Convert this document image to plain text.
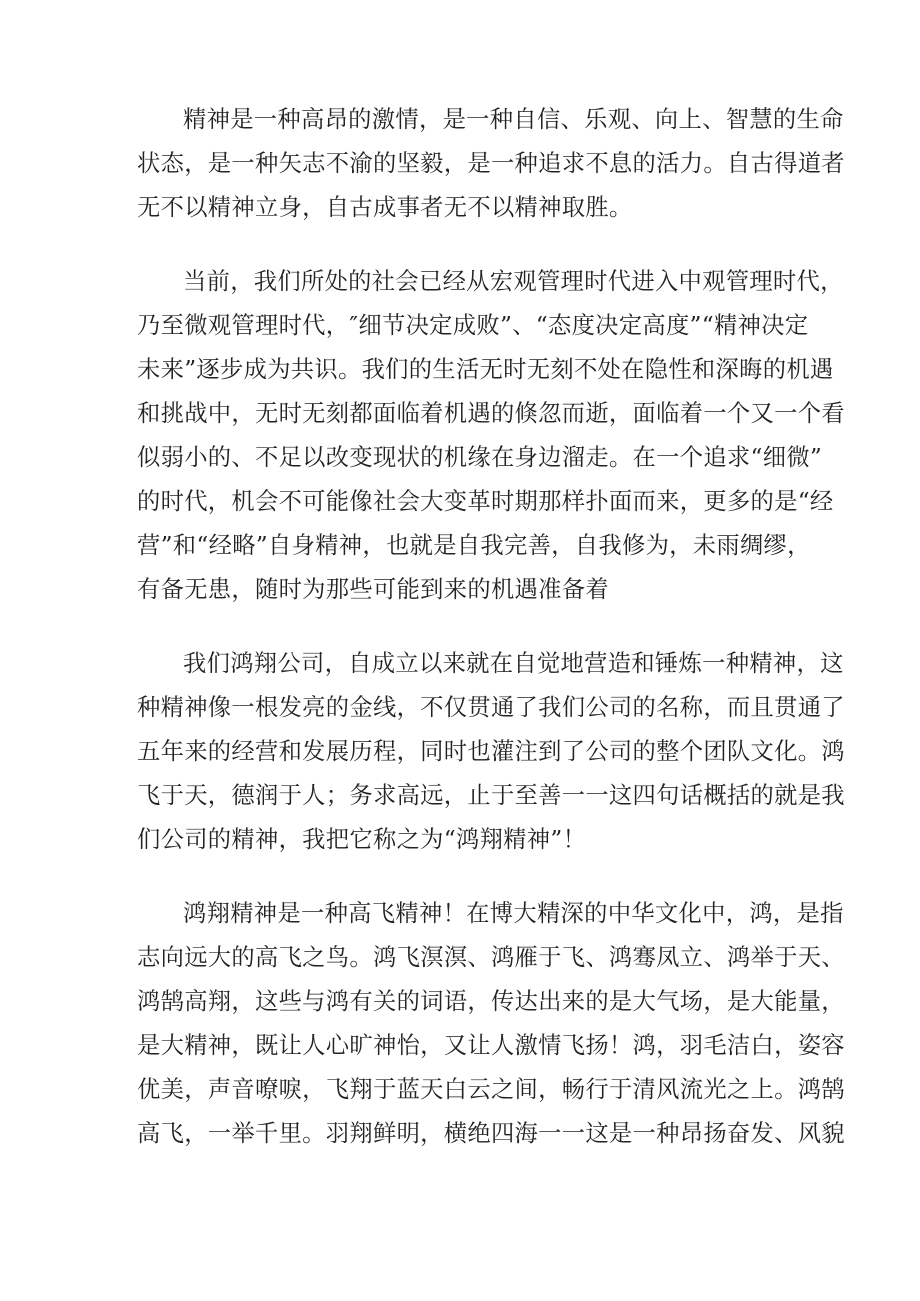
精神是一种高昂的激情，是一种自信、乐观、向上、智慧的生命
状态，是一种矢志不渝的坚毅，是一种追求不息的活力。自古得道者
无不以精神立身，自古成事者无不以精神取胜。

当前，我们所处的社会已经从宏观管理时代进入中观管理时代，
乃至微观管理时代，″细节决定成败”、“态度决定高度”“精神决定
未来”逐步成为共识。我们的生活无时无刻不处在隐性和深晦的机遇
和挑战中，无时无刻都面临着机遇的倏忽而逝，面临着一个又一个看
似弱小的、不足以改变现状的机缘在身边溜走。在一个追求“细微”
的时代，机会不可能像社会大变革时期那样扑面而来，更多的是“经
营”和“经略”自身精神，也就是自我完善，自我修为，未雨绸缪，
有备无患，随时为那些可能到来的机遇准备着

我们鸿翔公司，自成立以来就在自觉地营造和锤炼一种精神，这
种精神像一根发亮的金线，不仅贯通了我们公司的名称，而且贯通了
五年来的经营和发展历程，同时也灌注到了公司的整个团队文化。鸿
飞于天，德润于人；务求高远，止于至善一一这四句话概括的就是我
们公司的精神，我把它称之为“鸿翔精神”！

鸿翔精神是一种高飞精神！在博大精深的中华文化中，鸿，是指
志向远大的高飞之鸟。鸿飞溟溟、鸿雁于飞、鸿骞凤立、鸿举于天、
鸿鹄高翔，这些与鸿有关的词语，传达出来的是大气场，是大能量，
是大精神，既让人心旷神怡，又让人激情飞扬！鸿，羽毛洁白，姿容
优美，声音嘹唳，飞翔于蓝天白云之间，畅行于清风流光之上。鸿鹄
高飞，一举千里。羽翔鲜明，横绝四海一一这是一种昂扬奋发、风貌
